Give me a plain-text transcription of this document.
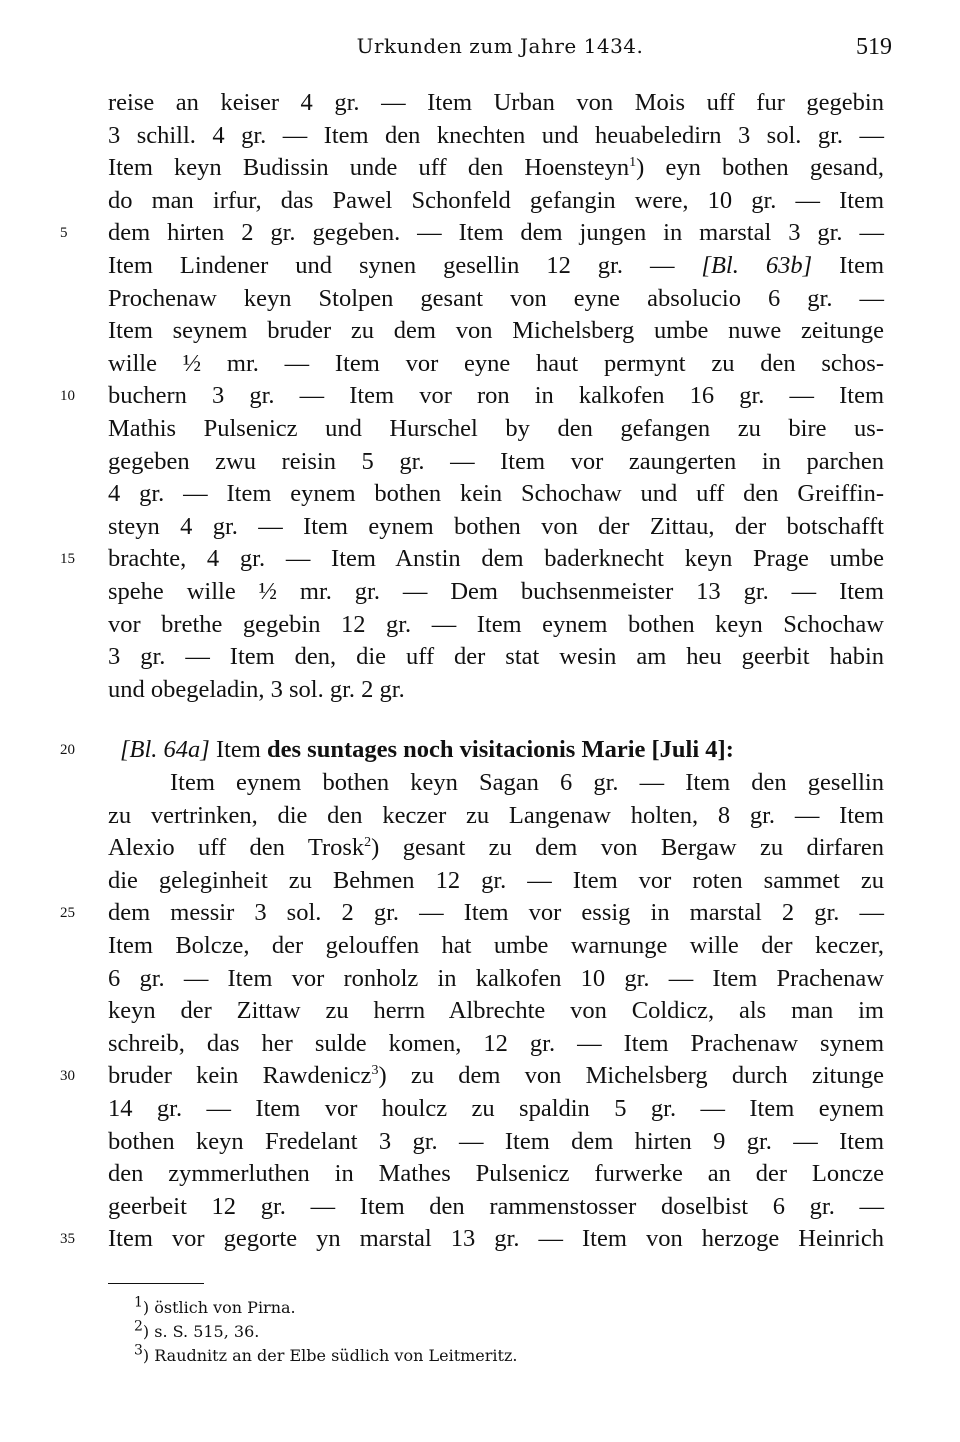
Urkunden zum Jahre 1434.	519
reise an keiser 4 gr. — Item Urban von Mois uff fur gegebin
3 schill. 4 gr. — Item den knechten und heuabeledirn 3 sol. gr. —
Item keyn Budissin unde uff den Hoensteyn$^1$) eyn bothen gesand,
do man irfur, das Pawel Schonfeld gefangin were, 10 gr. — Item
dem hirten 2 gr. gegeben. — Item dem jungen in marstal 3 gr. —
5
Item Lindener und synen gesellin 12 gr. — [Bl. 63b] Item
Prochenaw keyn Stolpen gesant von eyne absolucio 6 gr. —
Item seynem bruder zu dem von Michelsberg umbe nuwe zeitunge
wille ½ mr. — Item vor eyne haut permynt zu den schos-
buchern 3 gr. — Item vor ron in kalkofen 16 gr. — Item
10
Mathis Pulsenicz und Hurschel by den gefangen zu bire us-
gegeben zwu reisin 5 gr. — Item vor zaungerten in parchen
4 gr. — Item eynem bothen kein Schochaw und uff den Greiffin-
steyn 4 gr. — Item eynem bothen von der Zittau, der botschafft
brachte, 4 gr. — Item Anstin dem baderknecht keyn Prage umbe
15
spehe wille ½ mr. gr. — Dem buchsenmeister 13 gr. — Item
vor brethe gegebin 12 gr. — Item eynem bothen keyn Schochaw
3 gr. — Item den, die uff der stat wesin am heu geerbit habin
und obegeladin, 3 sol. gr. 2 gr.
[Bl. 64a] Item des suntages noch visitacionis Marie [Juli 4]:
20
Item eynem bothen keyn Sagan 6 gr. — Item den gesellin
zu vertrinken, die den keczer zu Langenaw holten, 8 gr. — Item
Alexio uff den Trosk$^2$) gesant zu dem von Bergaw zu dirfaren
die geleginheit zu Behmen 12 gr. — Item vor roten sammet zu
dem messir 3 sol. 2 gr. — Item vor essig in marstal 2 gr. —
25
Item Bolcze, der gelouffen hat umbe warnunge wille der keczer,
6 gr. — Item vor ronholz in kalkofen 10 gr. — Item Prachenaw
keyn der Zittaw zu herrn Albrechte von Coldicz, als man im
schreib, das her sulde komen, 12 gr. — Item Prachenaw synem
bruder kein Rawdenicz$^3$) zu dem von Michelsberg durch zitunge
30
14 gr. — Item vor houlcz zu spaldin 5 gr. — Item eynem
bothen keyn Fredelant 3 gr. — Item dem hirten 9 gr. — Item
den zymmerluthen in Mathes Pulsenicz furwerke an der Loncze
geerbeit 12 gr. — Item den rammenstosser doselbist 6 gr. —
Item vor gegorte yn marstal 13 gr. — Item von herzoge Heinrich
35
$^1$) östlich von Pirna.
$^2$) s. S. 515, 36.
$^3$) Raudnitz an der Elbe südlich von Leitmeritz.
